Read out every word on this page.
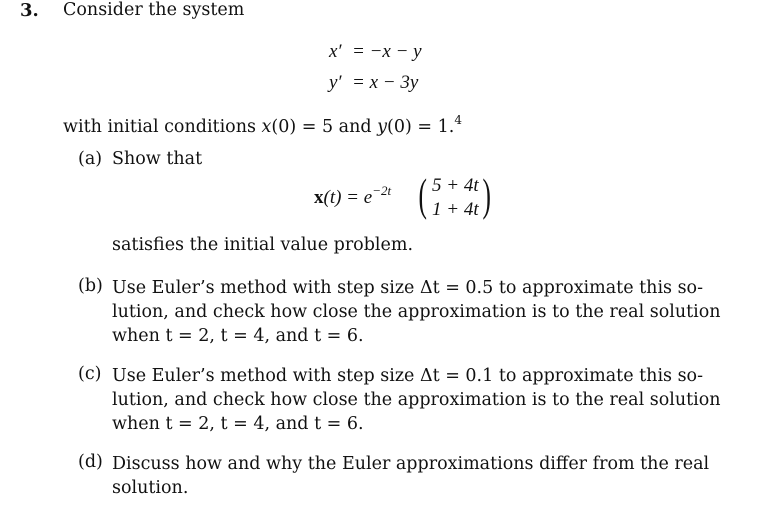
3. Consider the system
x′ = −x − y
y′ = x − 3y
with initial conditions x(0) = 5 and y(0) = 1.$^4$
(a) Show that
$x(t) = e^{-2t}$ ( 5 + 4t
1 + 4t )
satisfies the initial value problem.
(b) Use Euler’s method with step size Δt = 0.5 to approximate this so-
lution, and check how close the approximation is to the real solution
when t = 2, t = 4, and t = 6.
(c) Use Euler’s method with step size Δt = 0.1 to approximate this so-
lution, and check how close the approximation is to the real solution
when t = 2, t = 4, and t = 6.
(d) Discuss how and why the Euler approximations differ from the real
solution.
